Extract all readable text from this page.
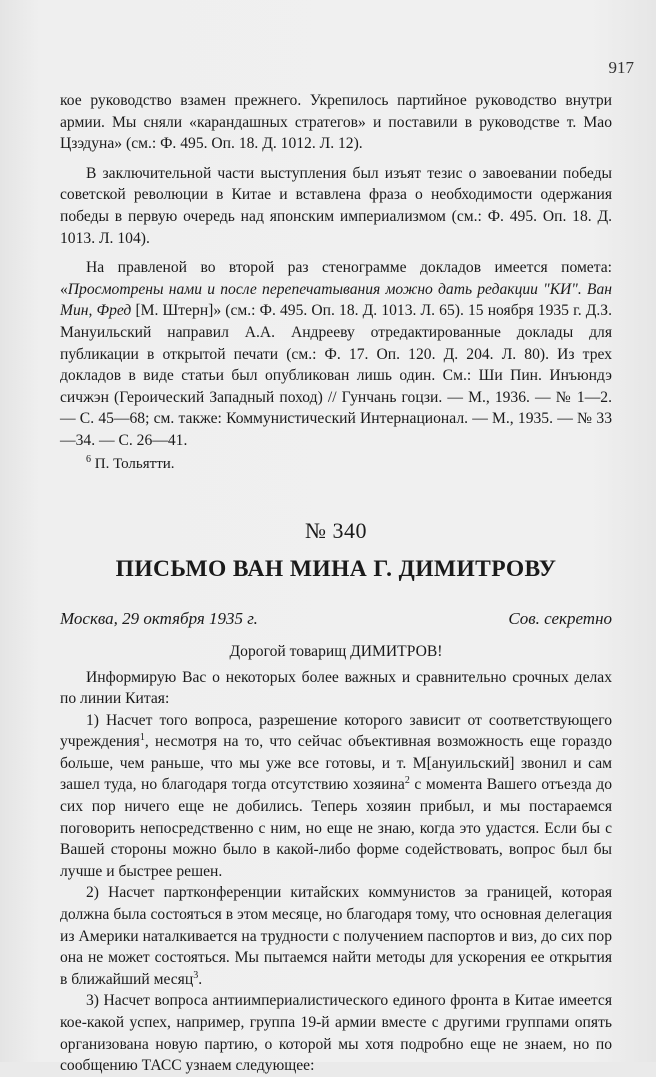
917

кое руководство взамен прежнего. Укрепилось партийное руководство внутри армии. Мы сняли «карандашных стратегов» и поставили в руководстве т. Мао Цзэдуна» (см.: Ф. 495. Оп. 18. Д. 1012. Л. 12).

В заключительной части выступления был изъят тезис о завоевании победы советской революции в Китае и вставлена фраза о необходимости одержания победы в первую очередь над японским империализмом (см.: Ф. 495. Оп. 18. Д. 1013. Л. 104).

На правленой во второй раз стенограмме докладов имеется помета: «Просмотрены нами и после перепечатывания можно дать редакции "КИ". Ван Мин, Фред [М. Штерн]» (см.: Ф. 495. Оп. 18. Д. 1013. Л. 65). 15 ноября 1935 г. Д.З. Мануильский направил А.А. Андрееву отредактированные доклады для публикации в открытой печати (см.: Ф. 17. Оп. 120. Д. 204. Л. 80). Из трех докладов в виде статьи был опубликован лишь один. См.: Ши Пин. Инъюндэ сичжэн (Героический Западный поход) // Гунчань гоцзи. — М., 1936. — № 1—2. — С. 45—68; см. также: Коммунистический Интернационал. — М., 1935. — № 33—34. — С. 26—41.

$^6$ П. Тольятти.

№ 340
ПИСЬМО ВАН МИНА Г. ДИМИТРОВУ
Москва, 29 октября 1935 г.	Сов. секретно
Дорогой товарищ ДИМИТРОВ!

Информирую Вас о некоторых более важных и сравнительно срочных делах по линии Китая:

1) Насчет того вопроса, разрешение которого зависит от соответствующего учреждения$^1$, несмотря на то, что сейчас объективная возможность еще гораздо больше, чем раньше, что мы уже все готовы, и т. М[ануильский] звонил и сам зашел туда, но благодаря тогда отсутствию хозяина$^2$ с момента Вашего отъезда до сих пор ничего еще не добились. Теперь хозяин прибыл, и мы постараемся поговорить непосредственно с ним, но еще не знаю, когда это удастся. Если бы с Вашей стороны можно было в какой-либо форме содействовать, вопрос был бы лучше и быстрее решен.

2) Насчет партконференции китайских коммунистов за границей, которая должна была состояться в этом месяце, но благодаря тому, что основная делегация из Америки наталкивается на трудности с получением паспортов и виз, до сих пор она не может состояться. Мы пытаемся найти методы для ускорения ее открытия в ближайший месяц$^3$.

3) Насчет вопроса антиимпериалистического единого фронта в Китае имеется кое-какой успех, например, группа 19-й армии вместе с другими группами опять организована новую партию, о которой мы хотя подробно еще не знаем, но по сообщению ТАСС узнаем следующее:
